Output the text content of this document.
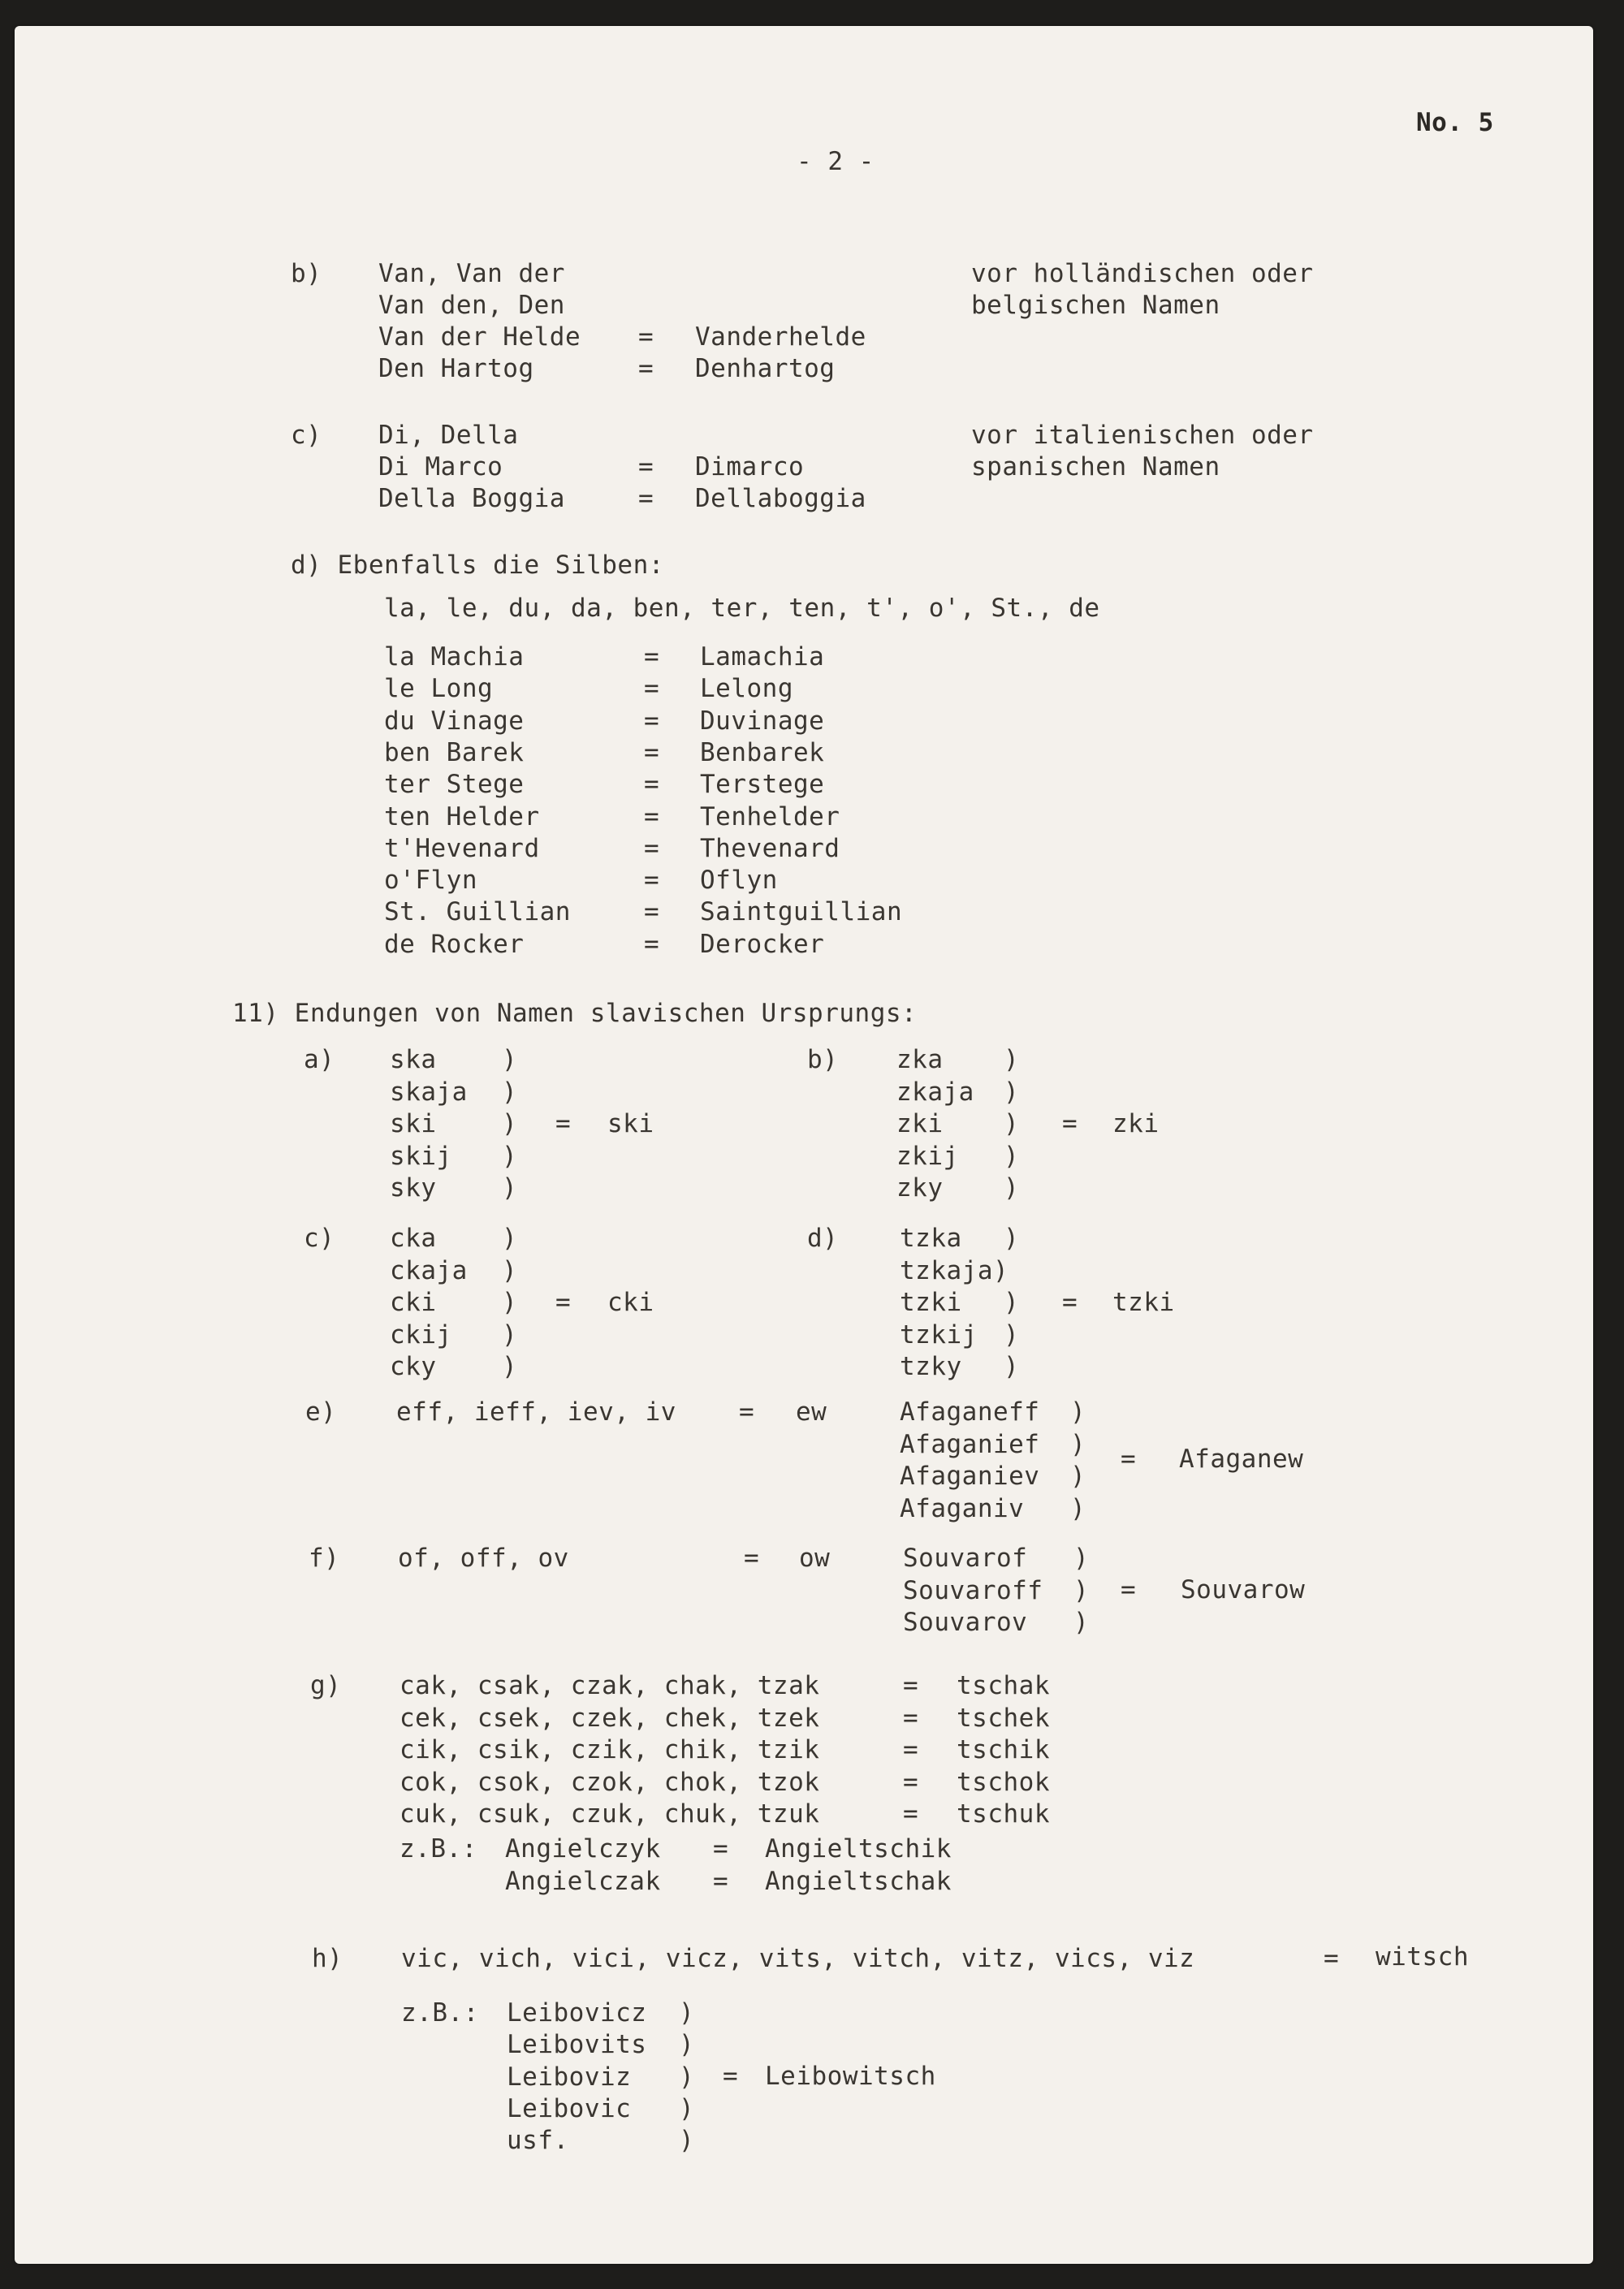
No. 5
- 2 -
b) Van, Van der
Van den, Den
Van der Helde = Vanderhelde
Den Hartog	= Denhartog
vor holländischen oder
belgischen Namen
c) Di, Della
Di Marco	= Dimarco
Della Boggia	= Dellaboggia
vor italienischen oder
spanischen Namen
d) Ebenfalls die Silben:
la, le, du, da, ben, ter, ten, t', o', St., de
la Machia	= Lamachia
le Long	= Lelong
du Vinage	= Duvinage
ben Barek	= Benbarek
ter Stege	= Terstege
ten Helder	= Tenhelder
t'Hevenard	= Thevenard
o'Flyn	= Oflyn
St. Guillian	= Saintguillian
de Rocker	= Derocker
11) Endungen von Namen slavischen Ursprungs:
a) ska	)
skaja )
ski	)
skij )
sky	)
= ski
b) zka )
zkaja )
zki )
zkij )
zky )
= zki
c) cka	)
ckaja )
cki	)
ckij )
cky	)
= cki
d) tzka )
tzkaja)
tzki )
tzkij )
tzky )
= tzki
e) eff, ieff, iev, iv = ew	Afaganeff )
Afaganief )
Afaganiev )
Afaganiv )
= Afaganew
f) of, off, ov	= ow	Souvarof )
Souvaroff )
Souvarov )
= Souvarow
g) cak, csak, czak, chak, tzak	= tschak
cek, csek, czek, chek, tzek	= tschek
cik, csik, czik, chik, tzik	= tschik
cok, csok, czok, chok, tzok	= tschok
cuk, csuk, czuk, chuk, tzuk	= tschuk
z.B.: Angielczyk = Angieltschik
Angielczak = Angieltschak
h) vic, vich, vici, vicz, vits, vitch, vitz, vics, viz	= witsch
z.B.: Leibovicz )
Leibovits )
Leiboviz )
Leibovic )
usf.	)
= Leibowitsch
